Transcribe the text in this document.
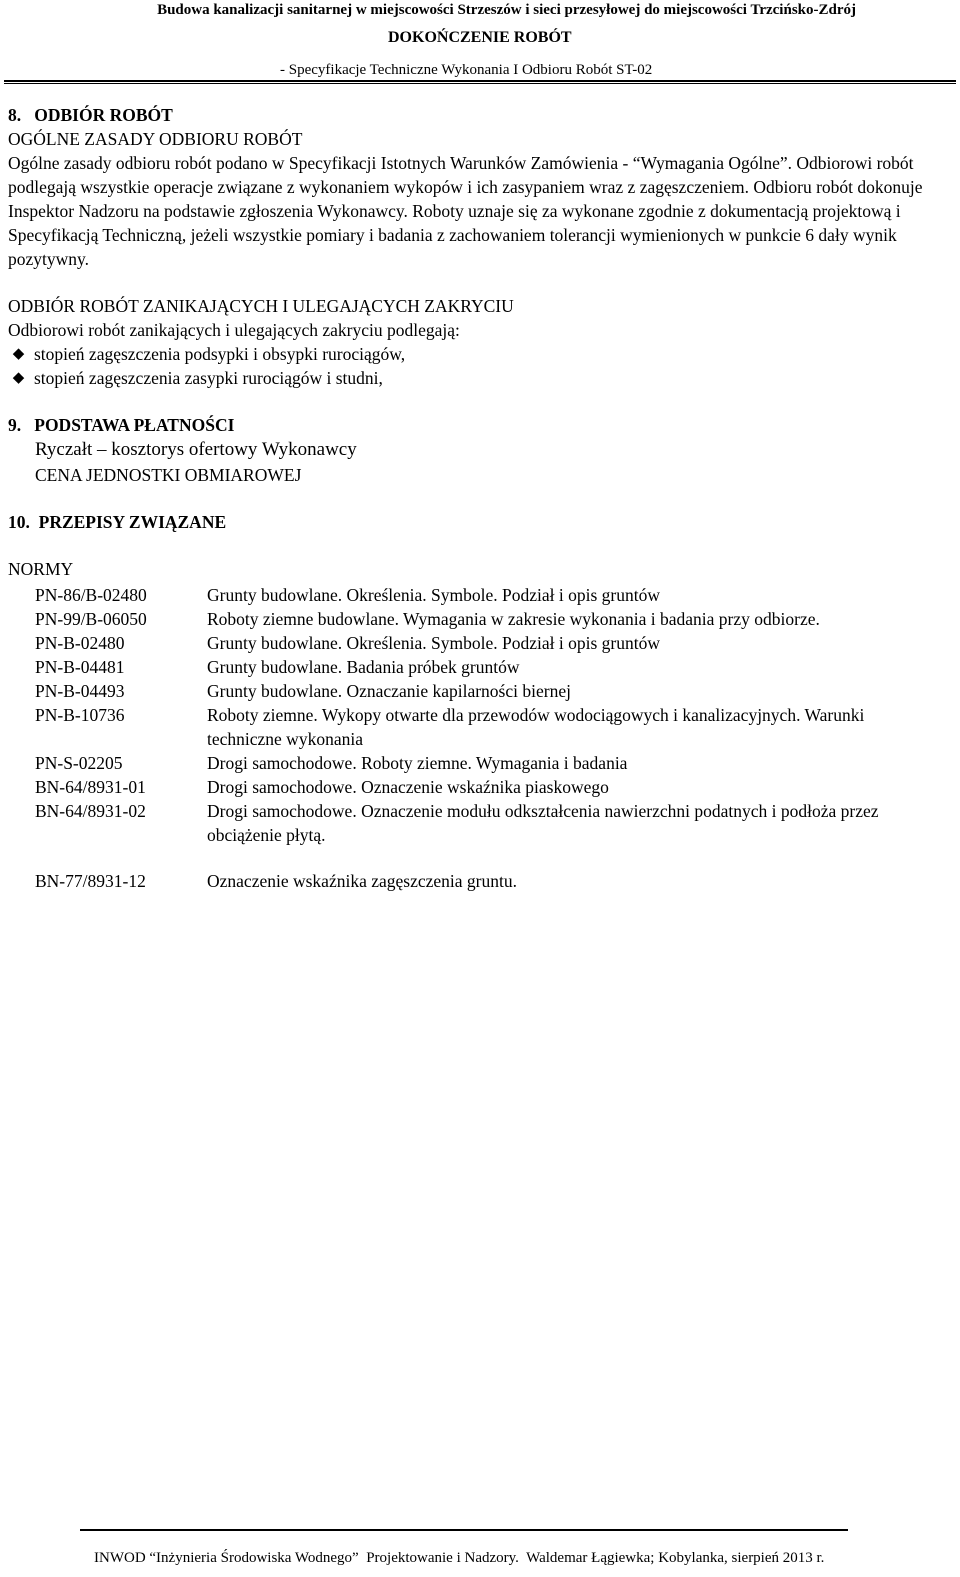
Budowa kanalizacji sanitarnej w miejscowości Strzeszów i sieci przesyłowej do miejscowości Trzcińsko-Zdrój
DOKOŃCZENIE ROBÓT
- Specyfikacje Techniczne Wykonania I Odbioru Robót ST-02
8.   ODBIÓR ROBÓT
OGÓLNE ZASADY ODBIORU ROBÓT

Ogólne zasady odbioru robót podano w Specyfikacji Istotnych Warunków Zamówienia - “Wymagania Ogólne”. Odbiorowi robót podlegają wszystkie operacje związane z wykonaniem wykopów i ich zasypaniem wraz z zagęszczeniem. Odbioru robót dokonuje Inspektor Nadzoru na podstawie zgłoszenia Wykonawcy. Roboty uznaje się za wykonane zgodnie z dokumentacją projektową i Specyfikacją Techniczną, jeżeli wszystkie pomiary i badania z zachowaniem tolerancji wymienionych w punkcie 6 dały wynik pozytywny.

ODBIÓR ROBÓT ZANIKAJĄCYCH I ULEGAJĄCYCH ZAKRYCIU
Odbiorowi robót zanikających i ulegających zakryciu podlegają:
◆ stopień zagęszczenia podsypki i obsypki rurociągów,
◆ stopień zagęszczenia zasypki rurociągów i studni,
9.   PODSTAWA PŁATNOŚCI
Ryczałt – kosztorys ofertowy Wykonawcy
CENA JEDNOSTKI OBMIAROWEJ
10.  PRZEPISY ZWIĄZANE
NORMY
PN-86/B-02480	Grunty budowlane. Określenia. Symbole. Podział i opis gruntów
PN-99/B-06050	Roboty ziemne budowlane. Wymagania w zakresie wykonania i badania przy odbiorze.
PN-B-02480	Grunty budowlane. Określenia. Symbole. Podział i opis gruntów
PN-B-04481	Grunty budowlane. Badania próbek gruntów
PN-B-04493	Grunty budowlane. Oznaczanie kapilarności biernej
PN-B-10736	Roboty ziemne. Wykopy otwarte dla przewodów wodociągowych i kanalizacyjnych. Warunki techniczne wykonania
PN-S-02205	Drogi samochodowe. Roboty ziemne. Wymagania i badania
BN-64/8931-01	Drogi samochodowe. Oznaczenie wskaźnika piaskowego
BN-64/8931-02	Drogi samochodowe. Oznaczenie modułu odkształcenia nawierzchni podatnych i podłoża przez obciążenie płytą.
BN-77/8931-12	Oznaczenie wskaźnika zagęszczenia gruntu.
INWOD “Inżynieria Środowiska Wodnego”  Projektowanie i Nadzory.  Waldemar Łągiewka; Kobylanka, sierpień 2013 r.
